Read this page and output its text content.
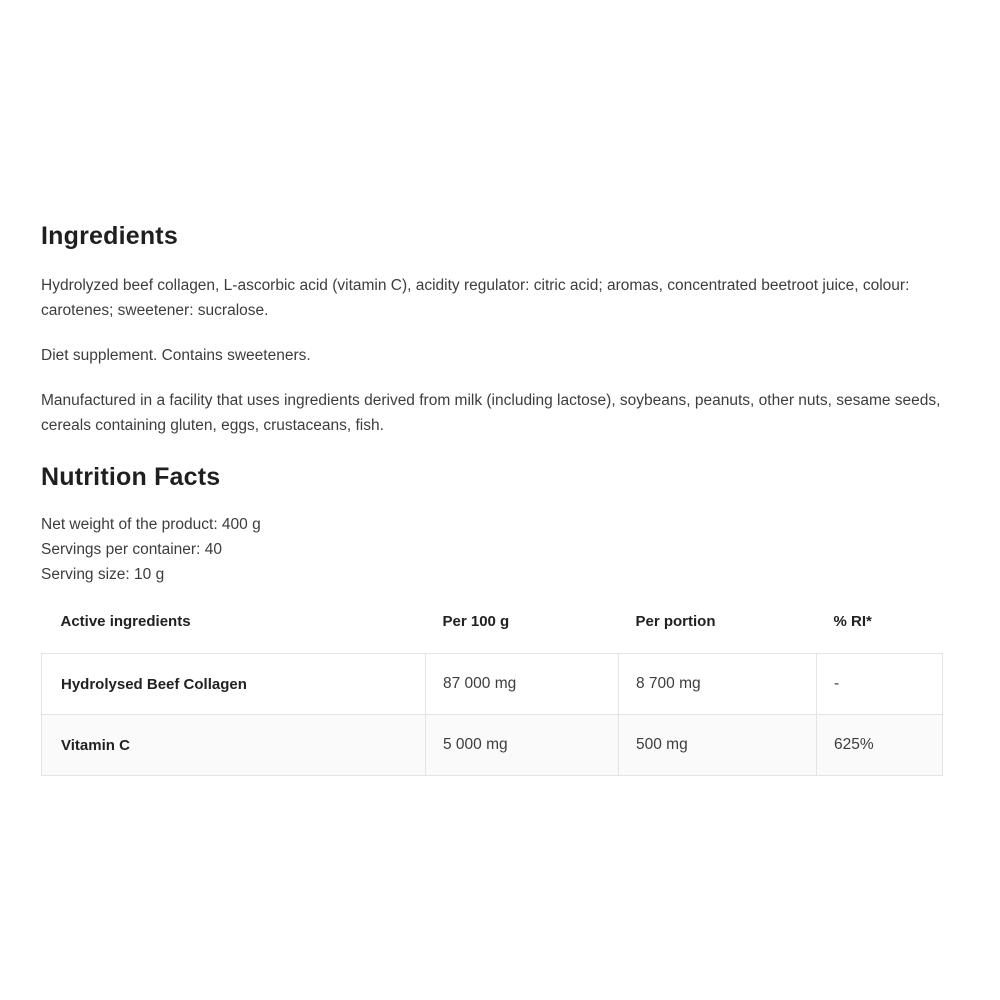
Ingredients

Hydrolyzed beef collagen, L-ascorbic acid (vitamin C), acidity regulator: citric acid; aromas, concentrated beetroot juice, colour: carotenes; sweetener: sucralose.

Diet supplement. Contains sweeteners.

Manufactured in a facility that uses ingredients derived from milk (including lactose), soybeans, peanuts, other nuts, sesame seeds, cereals containing gluten, eggs, crustaceans, fish.

Nutrition Facts
Net weight of the product: 400 g
Servings per container: 40
Serving size: 10 g
Active ingredients	Per 100 g	Per portion	% RI*
Hydrolysed Beef Collagen	87 000 mg	8 700 mg	-
Vitamin C	5 000 mg	500 mg	625%
